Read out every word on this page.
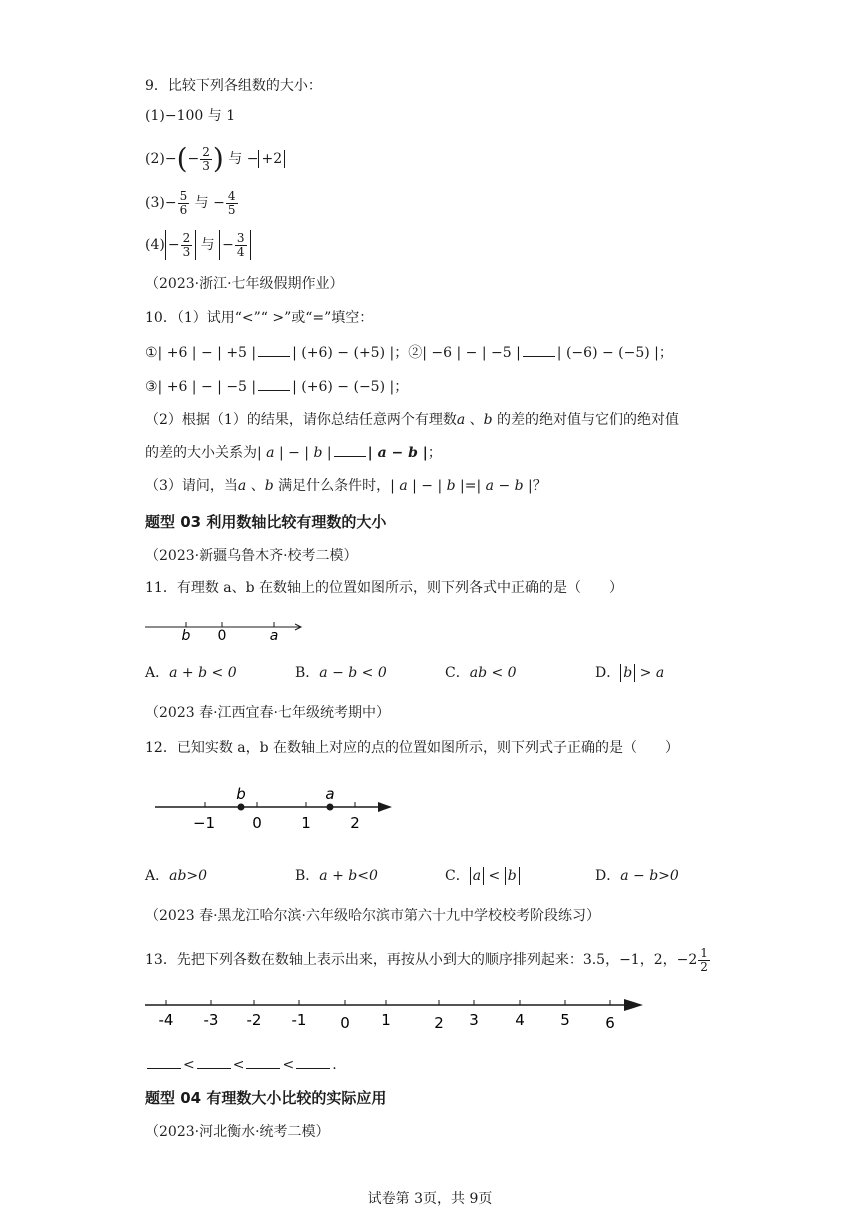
9．比较下列各组数的大小：
(1)−100 与 1
$(2)-(- \frac{2}{3}$ ) 与 − +2
$(3)- \frac{5}{6}$ 与 − $\frac{4}{5}$
$(4) - \frac{2}{3}$ 与 − $\frac{3}{4}$
（2023·浙江·七年级假期作业）
10．（1）试用“<”“ >”或“=”填空：
①| +6 | − | +5 |	| (+6) − (+5) |；②| −6 | − | −5 |	| (−6) − (−5) |；
③| +6 | − | −5 |	| (+6) − (−5) |；
（2）根据（1）的结果，请你总结任意两个有理数a 、b 的差的绝对值与它们的绝对值
的差的大小关系为| a | − | b |	| a − b |；
（3）请问，当a 、b 满足什么条件时，| a | − | b |=| a − b |？
题型 03 利用数轴比较有理数的大小
（2023·新疆乌鲁木齐·校考二模）
11．有理数 a、b 在数轴上的位置如图所示，则下列各式中正确的是（　　）
b 0	a
A．a + b < 0	B．a − b < 0	C．ab < 0	D． b > a
（2023 春·江西宜春·七年级统考期中）
12．已知实数 a，b 在数轴上对应的点的位置如图所示，则下列式子正确的是（　　）
b	a
−1 0	1	2
A．ab>0	B．a + b<0	C． a < b	D．a − b>0
（2023 春·黑龙江哈尔滨·六年级哈尔滨市第六十九中学校校考阶段练习）
13．先把下列各数在数轴上表示出来，再按从小到大的顺序排列起来：3.5，−1，2，$-2 \frac{1}{2}$
-4 -3 -2 -1 0 1	2 3 4 5 6
<	<	<	.
题型 04 有理数大小比较的实际应用
（2023·河北衡水·统考二模）
试卷第 3页，共 9页
